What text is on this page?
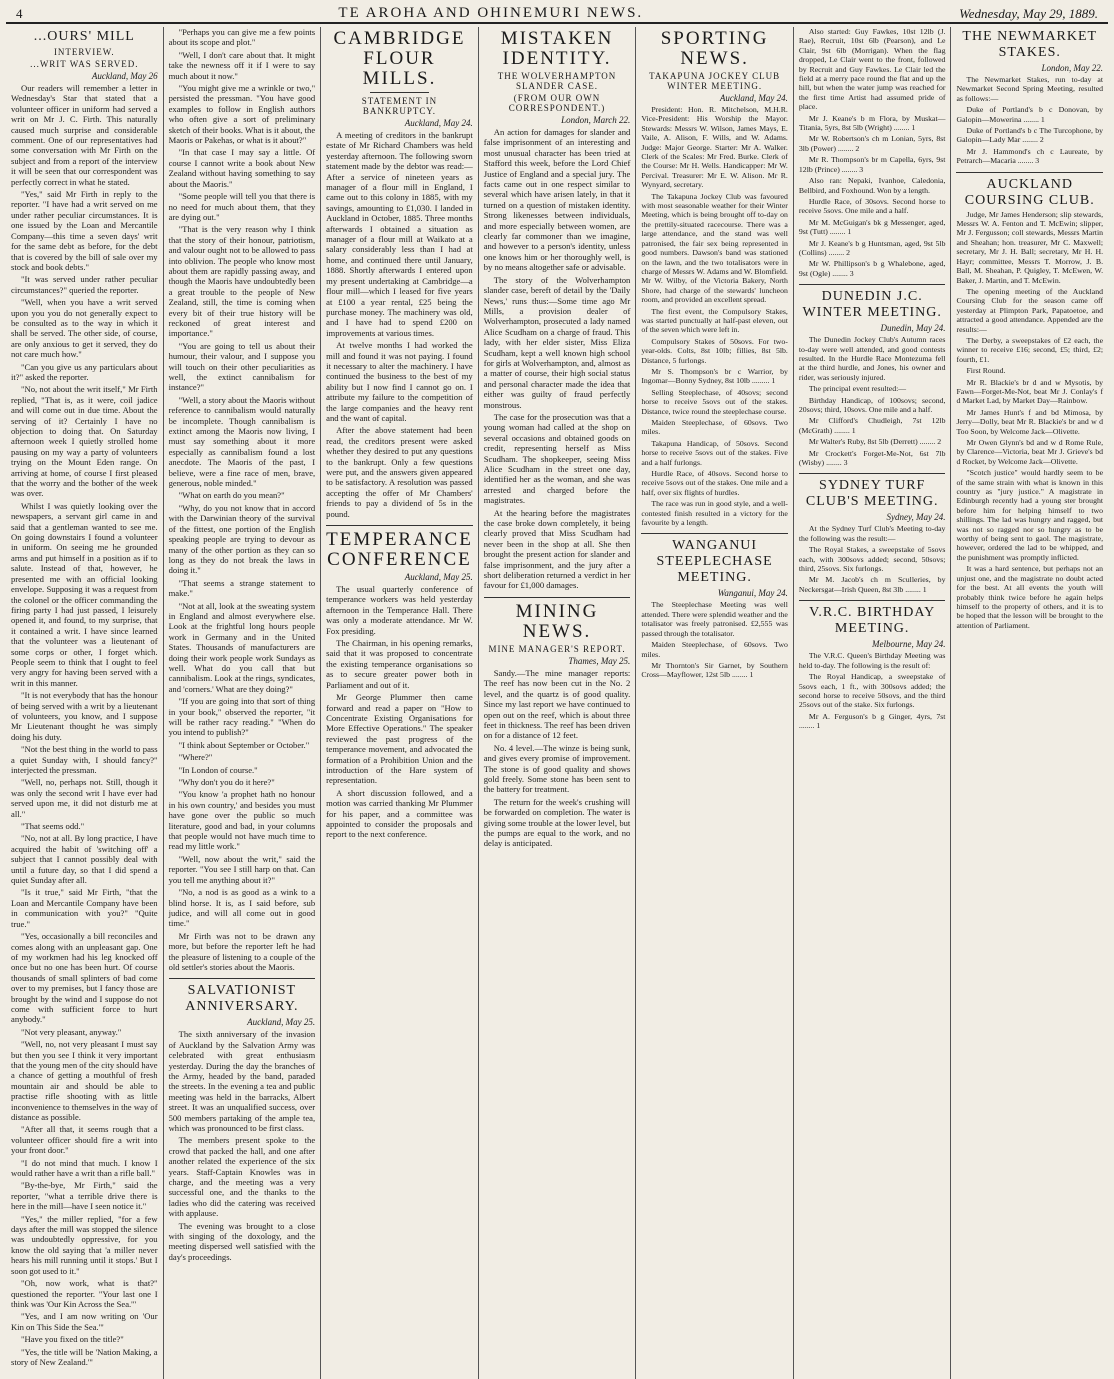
4	TE AROHA AND OHINEMURI NEWS.	Wednesday, May 29, 1889.
...OURS' MILL
INTERVIEW.
...WRIT WAS SERVED.
Auckland, May 26

Our readers will remember a letter in Wednesday's Star that stated that a volunteer officer in uniform had served a writ on Mr J. C. Firth. This naturally caused much surprise and considerable comment. One of our representatives had some conversation with Mr Firth on the subject and from a report of the interview it will be seen that our correspondent was perfectly correct in what he stated.

"Yes," said Mr Firth in reply to the reporter. "I have had a writ served on me under rather peculiar circumstances. It is one issued by the Loan and Mercantile Company—this time a seven days' writ for the same debt as before, for the debt that is covered by the bill of sale over my stock and book debts."

"It was served under rather peculiar circumstances?" queried the reporter.

"Well, when you have a writ served upon you you do not generally expect to be consulted as to the way in which it shall be served. The other side, of course, are only anxious to get it served, they do not care much how."

"Can you give us any particulars about it?" asked the reporter.

"No, not about the writ itself," Mr Firth replied, "That is, as it were, coil jadice and will come out in due time. About the serving of it? Certainly I have no objection to doing that. On Saturday afternoon week I quietly strolled home pausing on my way a party of volunteers trying on the Mount Eden range. On arriving at home, of course I first pleased that the worry and the bother of the week was over.

Whilst I was quietly looking over the newspapers, a servant girl came in and said that a gentleman wanted to see me. On going downstairs I found a volunteer in uniform. On seeing me he grounded arms and put himself in a position as if to salute. Instead of that, however, he presented me with an official looking envelope. Supposing it was a request from the colonel or the officer commanding the firing party I had just passed, I leisurely opened it, and found, to my surprise, that it contained a writ. I have since learned that the volunteer was a lieutenant of some corps or other, I forget which. People seem to think that I ought to feel very angry for having been served with a writ in this manner.

"It is not everybody that has the honour of being served with a writ by a lieutenant of volunteers, you know, and I suppose Mr Lieutenant thought he was simply doing his duty.

"Not the best thing in the world to pass a quiet Sunday with, I should fancy?" interjected the pressman.

"Well, no, perhaps not. Still, though it was only the second writ I have ever had served upon me, it did not disturb me at all."

"That seems odd."

"No, not at all. By long practice, I have acquired the habit of 'switching off' a subject that I cannot possibly deal with until a future day, so that I did spend a quiet Sunday after all.

"Is it true," said Mr Firth, "that the Loan and Mercantile Company have been in communication with you?" "Quite true."

"Yes, occasionally a bill reconciles and comes along with an unpleasant gap. One of my workmen had his leg knocked off once but no one has been hurt. Of course thousands of small splinters of bad come over to my premises, but I fancy those are brought by the wind and I suppose do not come with sufficient force to hurt anybody."

"Not very pleasant, anyway."

"Well, no, not very pleasant I must say but then you see I think it very important that the young men of the city should have a chance of getting a mouthful of fresh mountain air and should be able to practise rifle shooting with as little inconvenience to themselves in the way of distance as possible.

"After all that, it seems rough that a volunteer officer should fire a writ into your front door."

"I do not mind that much. I know I would rather have a writ than a rifle ball."

"By-the-bye, Mr Firth," said the reporter, "what a terrible drive there is here in the mill—have I seen notice it."

"Yes," the miller replied, "for a few days after the mill was stopped the silence was undoubtedly oppressive, for you know the old saying that 'a miller never hears his mill running until it stops.' But I soon got used to it."

"Oh, now work, what is that?" questioned the reporter. "Your last one I think was 'Our Kin Across the Sea.'"

"Yes, and I am now writing on 'Our Kin on This Side the Sea.'"

"Have you fixed on the title?"

"Yes, the title will be 'Nation Making, a story of New Zealand.'"

"Perhaps you can give me a few points about its scope and plot."

"Well, I don't care about that. It might take the newness off it if I were to say much about it now."

"You might give me a wrinkle or two," persisted the pressman. "You have good examples to follow in English authors who often give a sort of preliminary sketch of their books. What is it about, the Maoris or Pakehas, or what is it about?"

"In that case I may say a little. Of course I cannot write a book about New Zealand without having something to say about the Maoris."

"Some people will tell you that there is no need for much about them, that they are dying out."

"That is the very reason why I think that the story of their honour, patriotism, and valour ought not to be allowed to pass into oblivion. The people who know most about them are rapidly passing away, and though the Maoris have undoubtedly been a great trouble to the people of New Zealand, still, the time is coming when every bit of their true history will be reckoned of great interest and importance."

"You are going to tell us about their humour, their valour, and I suppose you will touch on their other peculiarities as well, the extinct cannibalism for instance?"

"Well, a story about the Maoris without reference to cannibalism would naturally be incomplete. Though cannibalism is extinct among the Maoris now living, I must say something about it more especially as cannibalism found a lost anecdote. The Maoris of the past, I believe, were a fine race of men, brave, generous, noble minded."

"What on earth do you mean?"

"Why, do you not know that in accord with the Darwinian theory of the survival of the fittest, one portion of the English speaking people are trying to devour as many of the other portion as they can so long as they do not break the laws in doing it."

"That seems a strange statement to make."

"Not at all, look at the sweating system in England and almost everywhere else. Look at the frightful long hours people work in Germany and in the United States. Thousands of manufacturers are doing their work people work Sundays as well. What do you call that but cannibalism. Look at the rings, syndicates, and 'corners.' What are they doing?"

"If you are going into that sort of thing in your book," observed the reporter, "it will be rather racy reading." "When do you intend to publish?"

"I think about September or October."

"Where?"

"In London of course."

"Why don't you do it here?"

"You know 'a prophet hath no honour in his own country,' and besides you must have gone over the public so much literature, good and bad, in your columns that people would not have much time to read my little work."

"Well, now about the writ," said the reporter. "You see I still harp on that. Can you tell me anything about it?"

"No, a nod is as good as a wink to a blind horse. It is, as I said before, sub judice, and will all come out in good time."

Mr Firth was not to be drawn any more, but before the reporter left he had the pleasure of listening to a couple of the old settler's stories about the Maoris.

SALVATIONIST ANNIVERSARY.
Auckland, May 25.

The sixth anniversary of the invasion of Auckland by the Salvation Army was celebrated with great enthusiasm yesterday. During the day the branches of the Army, headed by the band, paraded the streets. In the evening a tea and public meeting was held in the barracks, Albert street. It was an unqualified success, over 500 members partaking of the ample tea, which was pronounced to be first class.

The members present spoke to the crowd that packed the hall, and one after another related the experience of the six years. Staff-Captain Knowles was in charge, and the meeting was a very successful one, and the thanks to the ladies who did the catering was received with applause.

The evening was brought to a close with singing of the doxology, and the meeting dispersed well satisfied with the day's proceedings.

CAMBRIDGE FLOUR MILLS.
STATEMENT IN BANKRUPTCY.
Auckland, May 24.

A meeting of creditors in the bankrupt estate of Mr Richard Chambers was held yesterday afternoon. The following sworn statement made by the debtor was read:—After a service of nineteen years as manager of a flour mill in England, I came out to this colony in 1885, with my savings, amounting to £1,030. I landed in Auckland in October, 1885. Three months afterwards I obtained a situation as manager of a flour mill at Waikato at a salary considerably less than I had at home, and continued there until January, 1888. Shortly afterwards I entered upon my present undertaking at Cambridge—a flour mill—which I leased for five years at £100 a year rental, £25 being the purchase money. The machinery was old, and I have had to spend £200 on improvements at various times.

At twelve months I had worked the mill and found it was not paying. I found it necessary to alter the machinery. I have continued the business to the best of my ability but I now find I cannot go on. I attribute my failure to the competition of the large companies and the heavy rent and the want of capital.

After the above statement had been read, the creditors present were asked whether they desired to put any questions to the bankrupt. Only a few questions were put, and the answers given appeared to be satisfactory. A resolution was passed accepting the offer of Mr Chambers' friends to pay a dividend of 5s in the pound.

TEMPERANCE CONFERENCE
Auckland, May 25.

The usual quarterly conference of temperance workers was held yesterday afternoon in the Temperance Hall. There was only a moderate attendance. Mr W. Fox presiding.

The Chairman, in his opening remarks, said that it was proposed to concentrate the existing temperance organisations so as to secure greater power both in Parliament and out of it.

Mr George Plummer then came forward and read a paper on "How to Concentrate Existing Organisations for More Effective Operations." The speaker reviewed the past progress of the temperance movement, and advocated the formation of a Prohibition Union and the introduction of the Hare system of representation.

A short discussion followed, and a motion was carried thanking Mr Plummer for his paper, and a committee was appointed to consider the proposals and report to the next conference.

MISTAKEN IDENTITY.
THE WOLVERHAMPTON SLANDER CASE.
(FROM OUR OWN CORRESPONDENT.)
London, March 22.

An action for damages for slander and false imprisonment of an interesting and most unusual character has been tried at Stafford this week, before the Lord Chief Justice of England and a special jury. The facts came out in one respect similar to several which have arisen lately, in that it turned on a question of mistaken identity. Strong likenesses between individuals, and more especially between women, are clearly far commoner than we imagine, and however to a person's identity, unless one knows him or her thoroughly well, is by no means altogether safe or advisable.

The story of the Wolverhampton slander case, bereft of detail by the 'Daily News,' runs thus:—Some time ago Mr Mills, a provision dealer of Wolverhampton, prosecuted a lady named Alice Scudham on a charge of fraud. This lady, with her elder sister, Miss Eliza Scudham, kept a well known high school for girls at Wolverhampton, and, almost as a matter of course, their high social status and personal character made the idea that either was guilty of fraud perfectly monstrous.

The case for the prosecution was that a young woman had called at the shop on several occasions and obtained goods on credit, representing herself as Miss Scudham. The shopkeeper, seeing Miss Alice Scudham in the street one day, identified her as the woman, and she was arrested and charged before the magistrates.

At the hearing before the magistrates the case broke down completely, it being clearly proved that Miss Scudham had never been in the shop at all. She then brought the present action for slander and false imprisonment, and the jury after a short deliberation returned a verdict in her favour for £1,000 damages.

MINING NEWS.
MINE MANAGER'S REPORT.
Thames, May 25.

Sandy.—The mine manager reports: The reef has now been cut in the No. 2 level, and the quartz is of good quality. Since my last report we have continued to open out on the reef, which is about three feet in thickness. The reef has been driven on for a distance of 12 feet.

No. 4 level.—The winze is being sunk, and gives every promise of improvement. The stone is of good quality and shows gold freely. Some stone has been sent to the battery for treatment.

The return for the week's crushing will be forwarded on completion. The water is giving some trouble at the lower level, but the pumps are equal to the work, and no delay is anticipated.

SPORTING NEWS.
TAKAPUNA JOCKEY CLUB WINTER MEETING.
Auckland, May 24.

President: Hon. R. Mitchelson, M.H.R. Vice-President: His Worship the Mayor. Stewards: Messrs W. Wilson, James Mays, E. Vaile, A. Alison, F. Wills, and W. Adams. Judge: Major George. Starter: Mr A. Walker. Clerk of the Scales: Mr Fred. Burke. Clerk of the Course: Mr H. Wells. Handicapper: Mr W. Percival. Treasurer: Mr E. W. Alison. Mr R. Wynyard, secretary.

The Takapuna Jockey Club was favoured with most seasonable weather for their Winter Meeting, which is being brought off to-day on the prettily-situated racecourse. There was a large attendance, and the stand was well patronised, the fair sex being represented in good numbers. Dawson's band was stationed on the lawn, and the two totalisators were in charge of Messrs W. Adams and W. Blomfield. Mr W. Wilby, of the Victoria Bakery, North Shore, had charge of the stewards' luncheon room, and provided an excellent spread.

The first event, the Compulsory Stakes, was started punctually at half-past eleven, out of the seven which were left in.

Compulsory Stakes of 50sovs. For two-year-olds. Colts, 8st 10lb; fillies, 8st 5lb. Distance, 5 furlongs.

Mr S. Thompson's br c Warrior, by Ingomar—Bonny Sydney, 8st 10lb ......... 1

Selling Steeplechase, of 40sovs; second horse to receive 5sovs out of the stakes. Distance, twice round the steeplechase course.

Maiden Steeplechase, of 60sovs. Two miles.

Takapuna Handicap, of 50sovs. Second horse to receive 5sovs out of the stakes. Five and a half furlongs.

Hurdle Race, of 40sovs. Second horse to receive 5sovs out of the stakes. One mile and a half, over six flights of hurdles.

The race was run in good style, and a well-contested finish resulted in a victory for the favourite by a length.

WANGANUI STEEPLECHASE MEETING.
Wanganui, May 24.

The Steeplechase Meeting was well attended. There were splendid weather and the totalisator was freely patronised. £2,555 was passed through the totalisator.

Maiden Steeplechase, of 60sovs. Two miles.

Mr Thornton's Sir Garnet, by Southern Cross—Mayflower, 12st 5lb ........ 1

Also started: Guy Fawkes, 10st 12lb (J. Rae), Recruit, 10st 6lb (Pearson), and Le Clair, 9st 6lb (Morrigan). When the flag dropped, Le Clair went to the front, followed by Recruit and Guy Fawkes. Le Clair led the field at a merry pace round the flat and up the hill, but when the water jump was reached for the first time Artist had assumed pride of place.

Mr J. Keane's b m Flora, by Muskat—Titania, 5yrs, 8st 5lb (Wright) ........ 1

Mr W. Robertson's ch m Lonian, 5yrs, 8st 3lb (Power) ........ 2

Mr R. Thompson's br m Capella, 6yrs, 9st 12lb (Prince) ........ 3

Also ran: Nepaki, Ivanhoe, Caledonia, Bellbird, and Foxhound. Won by a length.

Hurdle Race, of 30sovs. Second horse to receive 5sovs. One mile and a half.

Mr M. McGuigan's bk g Messenger, aged, 9st (Tutt) ........ 1

Mr J. Keane's b g Huntsman, aged, 9st 5lb (Collins) ........ 2

Mr W. Phillipson's b g Whalebone, aged, 9st (Ogle) ........ 3

DUNEDIN J.C. WINTER MEETING.
Dunedin, May 24.

The Dunedin Jockey Club's Autumn races to-day were well attended, and good contests resulted. In the Hurdle Race Montezuma fell at the third hurdle, and Jones, his owner and rider, was seriously injured.

The principal event resulted:—

Birthday Handicap, of 100sovs; second, 20sovs; third, 10sovs. One mile and a half.

Mr Clifford's Chudleigh, 7st 12lb (McGrath) ........ 1

Mr Walter's Ruby, 8st 5lb (Derrett) ........ 2

Mr Crockett's Forget-Me-Not, 6st 7lb (Wisby) ........ 3

SYDNEY TURF CLUB'S MEETING.
Sydney, May 24.

At the Sydney Turf Club's Meeting to-day the following was the result:—

The Royal Stakes, a sweepstake of 5sovs each, with 300sovs added; second, 50sovs; third, 25sovs. Six furlongs.

Mr M. Jacob's ch m Sculleries, by Neckersgat—Irish Queen, 8st 3lb ........ 1

V.R.C. BIRTHDAY MEETING.
Melbourne, May 24.

The V.R.C. Queen's Birthday Meeting was held to-day. The following is the result of:

The Royal Handicap, a sweepstake of 5sovs each, 1 ft., with 300sovs added; the second horse to receive 50sovs, and the third 25sovs out of the stake. Six furlongs.

Mr A. Ferguson's b g Ginger, 4yrs, 7st ........ 1

THE NEWMARKET STAKES.
London, May 22.

The Newmarket Stakes, run to-day at Newmarket Second Spring Meeting, resulted as follows:—

Duke of Portland's b c Donovan, by Galopin—Mowerina ........ 1

Duke of Portland's b c The Turcophone, by Galopin—Lady Mar ........ 2

Mr J. Hammond's ch c Laureate, by Petrarch—Macaria ........ 3

AUCKLAND COURSING CLUB.

Judge, Mr James Henderson; slip stewards, Messrs W. A. Fenton and T. McEwin; slipper, Mr J. Fergusson; coll stewards, Messrs Martin and Sheahan; hon. treasurer, Mr C. Maxwell; secretary, Mr J. H. Ball; secretary, Mr H. H. Hayr; committee, Messrs T. Morrow, J. B. Ball, M. Sheahan, P. Quigley, T. McEwen, W. Baker, J. Martin, and T. McEwin.

The opening meeting of the Auckland Coursing Club for the season came off yesterday at Plimpton Park, Papatoetoe, and attracted a good attendance. Appended are the results:—

The Derby, a sweepstakes of £2 each, the winner to receive £16; second, £5; third, £2; fourth, £1.

First Round.

Mr R. Blackie's br d and w Mysotis, by Fawn—Forget-Me-Not, beat Mr J. Conlay's f d Market Lad, by Market Day—Rainbow.

Mr James Hunt's f and bd Mimosa, by Jerry—Dolly, beat Mr R. Blackie's br and w d Too Soon, by Welcome Jack—Olivette.

Mr Owen Glynn's bd and w d Rome Rule, by Clarence—Victoria, beat Mr J. Grieve's bd d Rocket, by Welcome Jack—Olivette.

"Scotch justice" would hardly seem to be of the same strain with what is known in this country as "jury justice." A magistrate in Edinburgh recently had a young ster brought before him for helping himself to two shillings. The lad was hungry and ragged, but was not so ragged nor so hungry as to be worthy of being sent to gaol. The magistrate, however, ordered the lad to be whipped, and the punishment was promptly inflicted.

It was a hard sentence, but perhaps not an unjust one, and the magistrate no doubt acted for the best. At all events the youth will probably think twice before he again helps himself to the property of others, and it is to be hoped that the lesson will be brought to the attention of Parliament.
